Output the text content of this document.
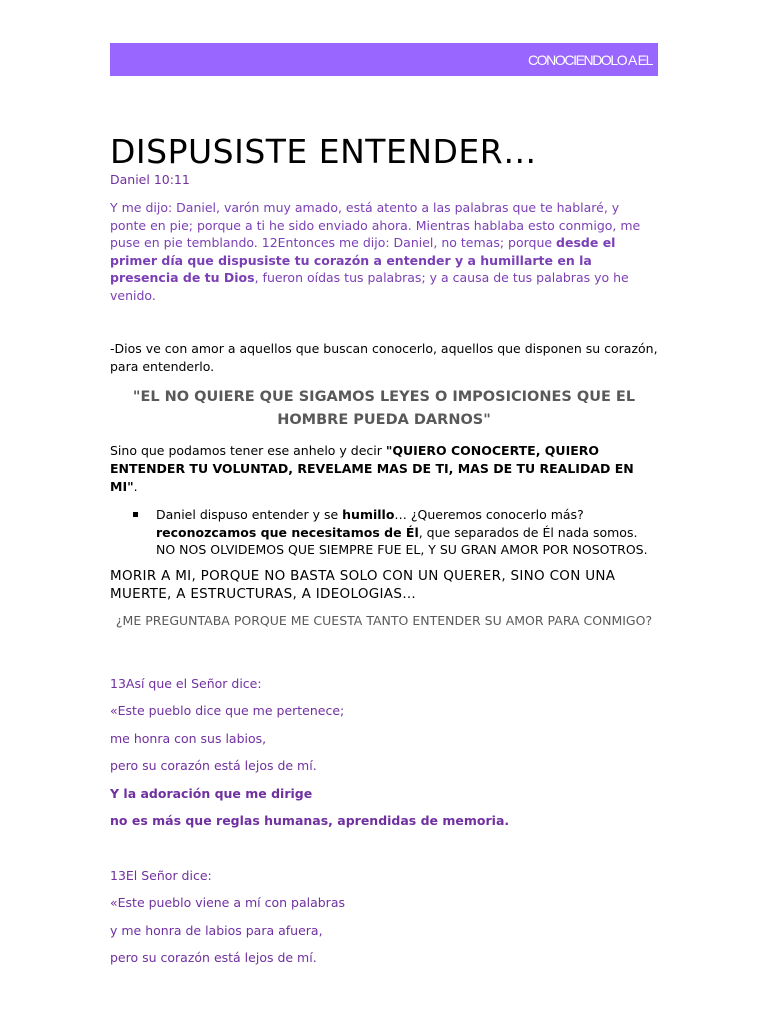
CONOCIENDOLO A EL
DISPUSISTE ENTENDER…

Daniel 10:11

Y me dijo: Daniel, varón muy amado, está atento a las palabras que te hablaré, y ponte en pie; porque a ti he sido enviado ahora. Mientras hablaba esto conmigo, me puse en pie temblando. 12Entonces me dijo: Daniel, no temas; porque desde el primer día que dispusiste tu corazón a entender y a humillarte en la presencia de tu Dios, fueron oídas tus palabras; y a causa de tus palabras yo he venido.

-Dios ve con amor a aquellos que buscan conocerlo, aquellos que disponen su corazón, para entenderlo.

"EL NO QUIERE QUE SIGAMOS LEYES O IMPOSICIONES QUE EL HOMBRE PUEDA DARNOS"

Sino que podamos tener ese anhelo y decir "QUIERO CONOCERTE, QUIERO ENTENDER TU VOLUNTAD, REVELAME MAS DE TI, MAS DE TU REALIDAD EN MI".

Daniel dispuso entender y se humillo… ¿Queremos conocerlo más? reconozcamos que necesitamos de Él, que separados de Él nada somos. NO NOS OLVIDEMOS QUE SIEMPRE FUE EL, Y SU GRAN AMOR POR NOSOTROS.

MORIR A MI, PORQUE NO BASTA SOLO CON UN QUERER, SINO CON UNA MUERTE, A ESTRUCTURAS, A IDEOLOGIAS…

¿ME PREGUNTABA PORQUE ME CUESTA TANTO ENTENDER SU AMOR PARA CONMIGO?

13Así que el Señor dice:

«Este pueblo dice que me pertenece;

me honra con sus labios,

pero su corazón está lejos de mí.

Y la adoración que me dirige

no es más que reglas humanas, aprendidas de memoria.

13El Señor dice:

«Este pueblo viene a mí con palabras

y me honra de labios para afuera,

pero su corazón está lejos de mí.
